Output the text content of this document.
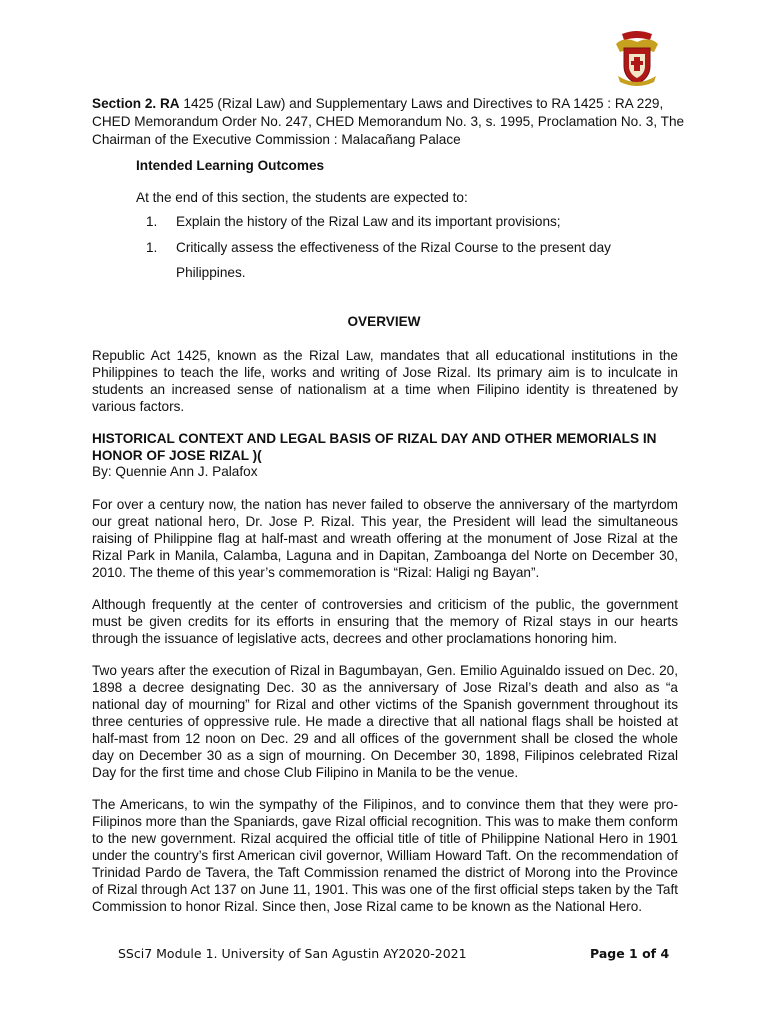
Section 2. RA 1425 (Rizal Law) and Supplementary Laws and Directives to RA 1425 : RA 229, CHED Memorandum Order No. 247, CHED Memorandum No. 3, s. 1995, Proclamation No. 3, The Chairman of the Executive Commission : Malacañang Palace

Intended Learning Outcomes

At the end of this section, the students are expected to:

1. Explain the history of the Rizal Law and its important provisions;
1. Critically assess the effectiveness of the Rizal Course to the present day
Philippines.

OVERVIEW

Republic Act 1425, known as the Rizal Law, mandates that all educational institutions in the Philippines to teach the life, works and writing of Jose Rizal. Its primary aim is to inculcate in students an increased sense of nationalism at a time when Filipino identity is threatened by various factors.

HISTORICAL CONTEXT AND LEGAL BASIS OF RIZAL DAY AND OTHER MEMORIALS IN HONOR OF JOSE RIZAL )(

By: Quennie Ann J. Palafox

For over a century now, the nation has never failed to observe the anniversary of the martyrdom our great national hero, Dr. Jose P. Rizal. This year, the President will lead the simultaneous raising of Philippine flag at half-mast and wreath offering at the monument of Jose Rizal at the Rizal Park in Manila, Calamba, Laguna and in Dapitan, Zamboanga del Norte on December 30, 2010. The theme of this year’s commemoration is “Rizal: Haligi ng Bayan”.

Although frequently at the center of controversies and criticism of the public, the government must be given credits for its efforts in ensuring that the memory of Rizal stays in our hearts through the issuance of legislative acts, decrees and other proclamations honoring him.

Two years after the execution of Rizal in Bagumbayan, Gen. Emilio Aguinaldo issued on Dec. 20, 1898 a decree designating Dec. 30 as the anniversary of Jose Rizal’s death and also as “a national day of mourning” for Rizal and other victims of the Spanish government throughout its three centuries of oppressive rule. He made a directive that all national flags shall be hoisted at half-mast from 12 noon on Dec. 29 and all offices of the government shall be closed the whole day on December 30 as a sign of mourning. On December 30, 1898, Filipinos celebrated Rizal Day for the first time and chose Club Filipino in Manila to be the venue.

The Americans, to win the sympathy of the Filipinos, and to convince them that they were pro-Filipinos more than the Spaniards, gave Rizal official recognition. This was to make them conform to the new government. Rizal acquired the official title of title of Philippine National Hero in 1901 under the country’s first American civil governor, William Howard Taft. On the recommendation of Trinidad Pardo de Tavera, the Taft Commission renamed the district of Morong into the Province of Rizal through Act 137 on June 11, 1901. This was one of the first official steps taken by the Taft Commission to honor Rizal. Since then, Jose Rizal came to be known as the National Hero.

SSci7 Module 1. University of San Agustin AY2020-2021	Page 1 of 4
